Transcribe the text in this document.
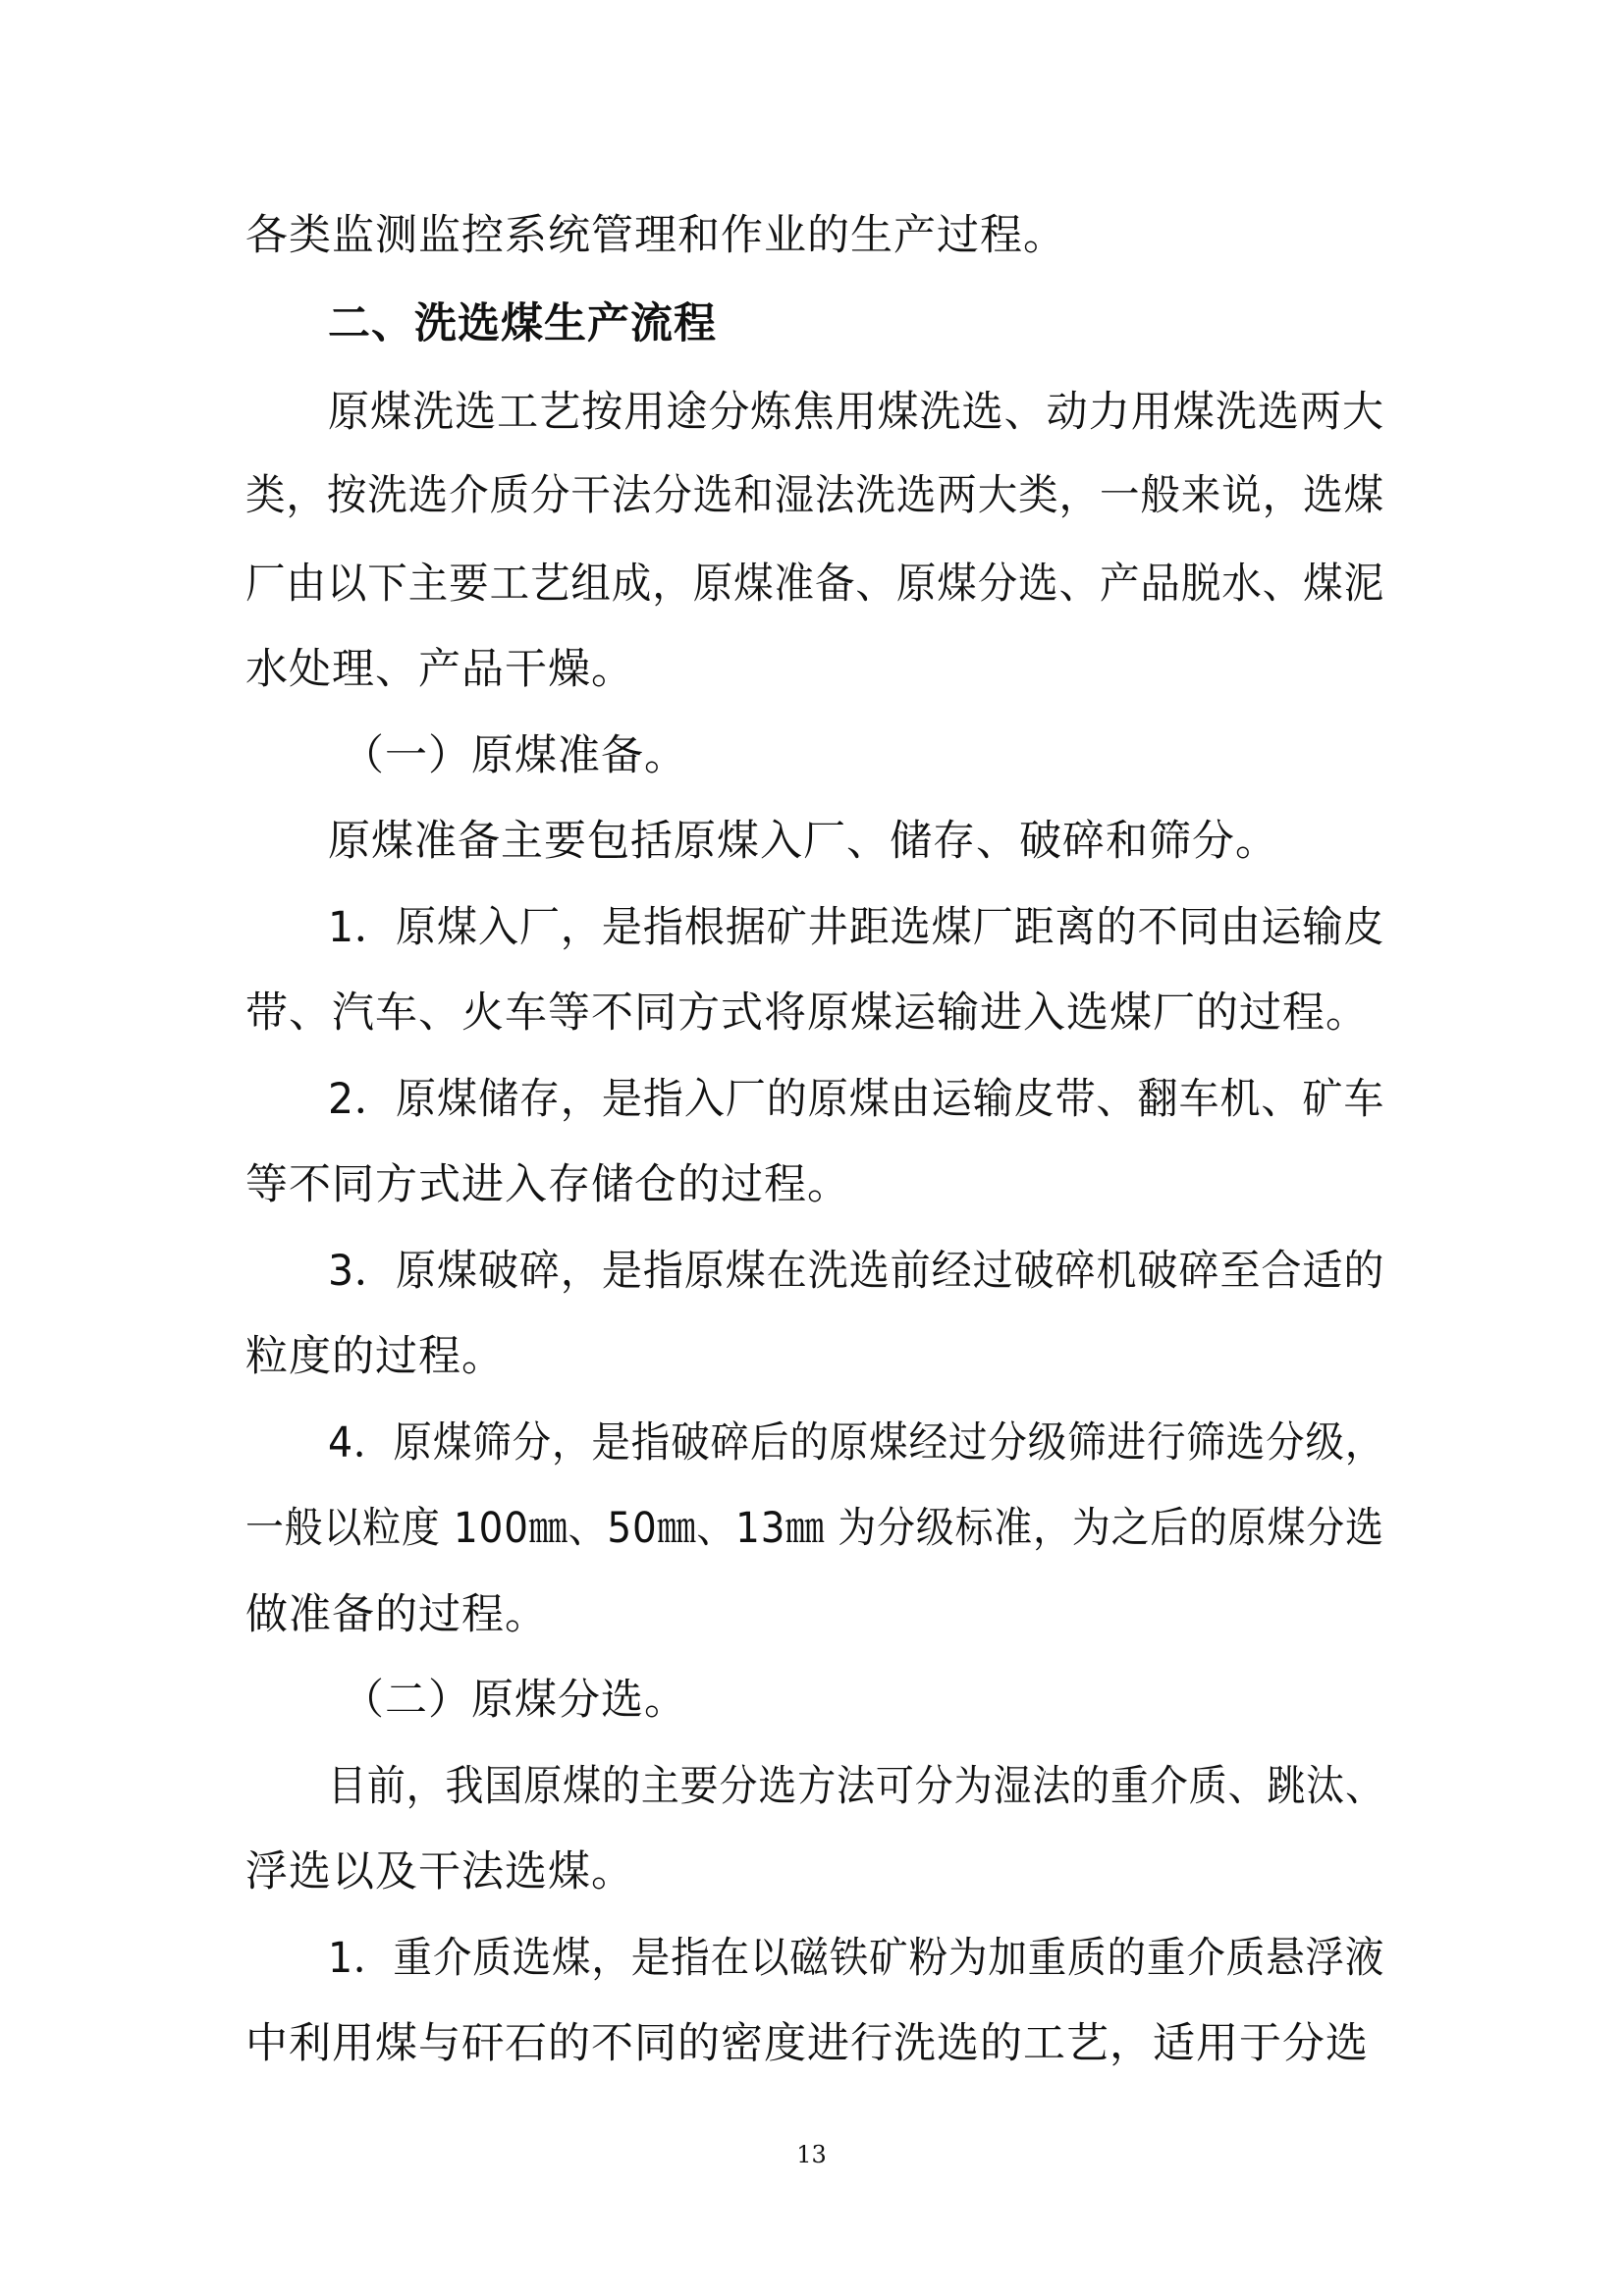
各类监测监控系统管理和作业的生产过程。
二、洗选煤生产流程
原煤洗选工艺按用途分炼焦用煤洗选、动力用煤洗选两大
类，按洗选介质分干法分选和湿法洗选两大类，一般来说，选煤
厂由以下主要工艺组成，原煤准备、原煤分选、产品脱水、煤泥
水处理、产品干燥。
（一）原煤准备。
原煤准备主要包括原煤入厂、储存、破碎和筛分。
1．原煤入厂，是指根据矿井距选煤厂距离的不同由运输皮
带、汽车、火车等不同方式将原煤运输进入选煤厂的过程。
2．原煤储存，是指入厂的原煤由运输皮带、翻车机、矿车
等不同方式进入存储仓的过程。
3．原煤破碎，是指原煤在洗选前经过破碎机破碎至合适的
粒度的过程。
4．原煤筛分，是指破碎后的原煤经过分级筛进行筛选分级，
一般以粒度 100㎜、50㎜、13㎜ 为分级标准，为之后的原煤分选
做准备的过程。
（二）原煤分选。
目前，我国原煤的主要分选方法可分为湿法的重介质、跳汰、
浮选以及干法选煤。
1．重介质选煤，是指在以磁铁矿粉为加重质的重介质悬浮液
中利用煤与矸石的不同的密度进行洗选的工艺，适用于分选
13
